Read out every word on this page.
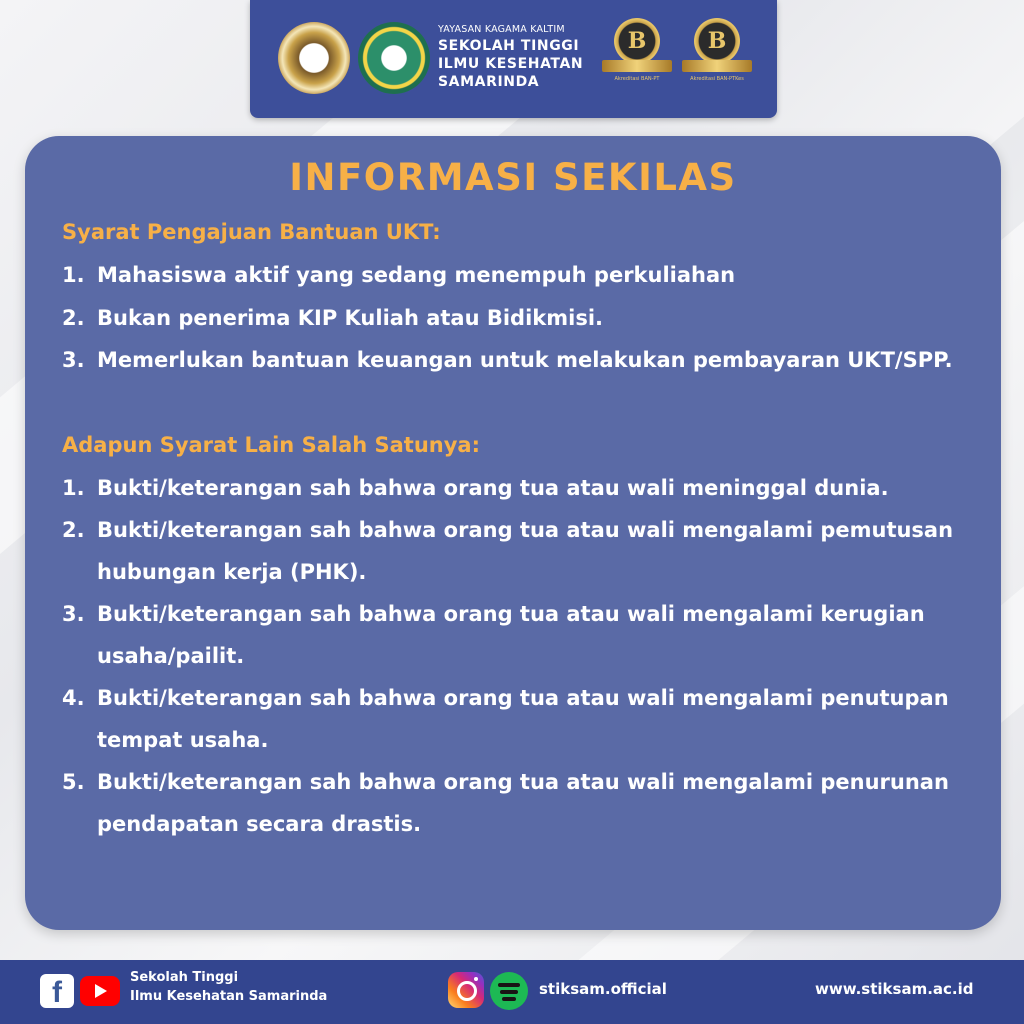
YAYASAN KAGAMA KALTIM
SEKOLAH TINGGI
ILMU KESEHATAN
SAMARINDA
B
Akreditasi BAN-PT
B
Akreditasi BAN-PTKes
INFORMASI SEKILAS
Syarat Pengajuan Bantuan UKT:
1. Mahasiswa aktif yang sedang menempuh perkuliahan
2. Bukan penerima KIP Kuliah atau Bidikmisi.
3. Memerlukan bantuan keuangan untuk melakukan pembayaran UKT/SPP.
Adapun Syarat Lain Salah Satunya:
1. Bukti/keterangan sah bahwa orang tua atau wali meninggal dunia.
2. Bukti/keterangan sah bahwa orang tua atau wali mengalami pemutusan hubungan kerja (PHK).
3. Bukti/keterangan sah bahwa orang tua atau wali mengalami kerugian usaha/pailit.
4. Bukti/keterangan sah bahwa orang tua atau wali mengalami penutupan tempat usaha.
5. Bukti/keterangan sah bahwa orang tua atau wali mengalami penurunan pendapatan secara drastis.
f	Sekolah Tinggi
Ilmu Kesehatan Samarinda	stiksam.official	www.stiksam.ac.id
